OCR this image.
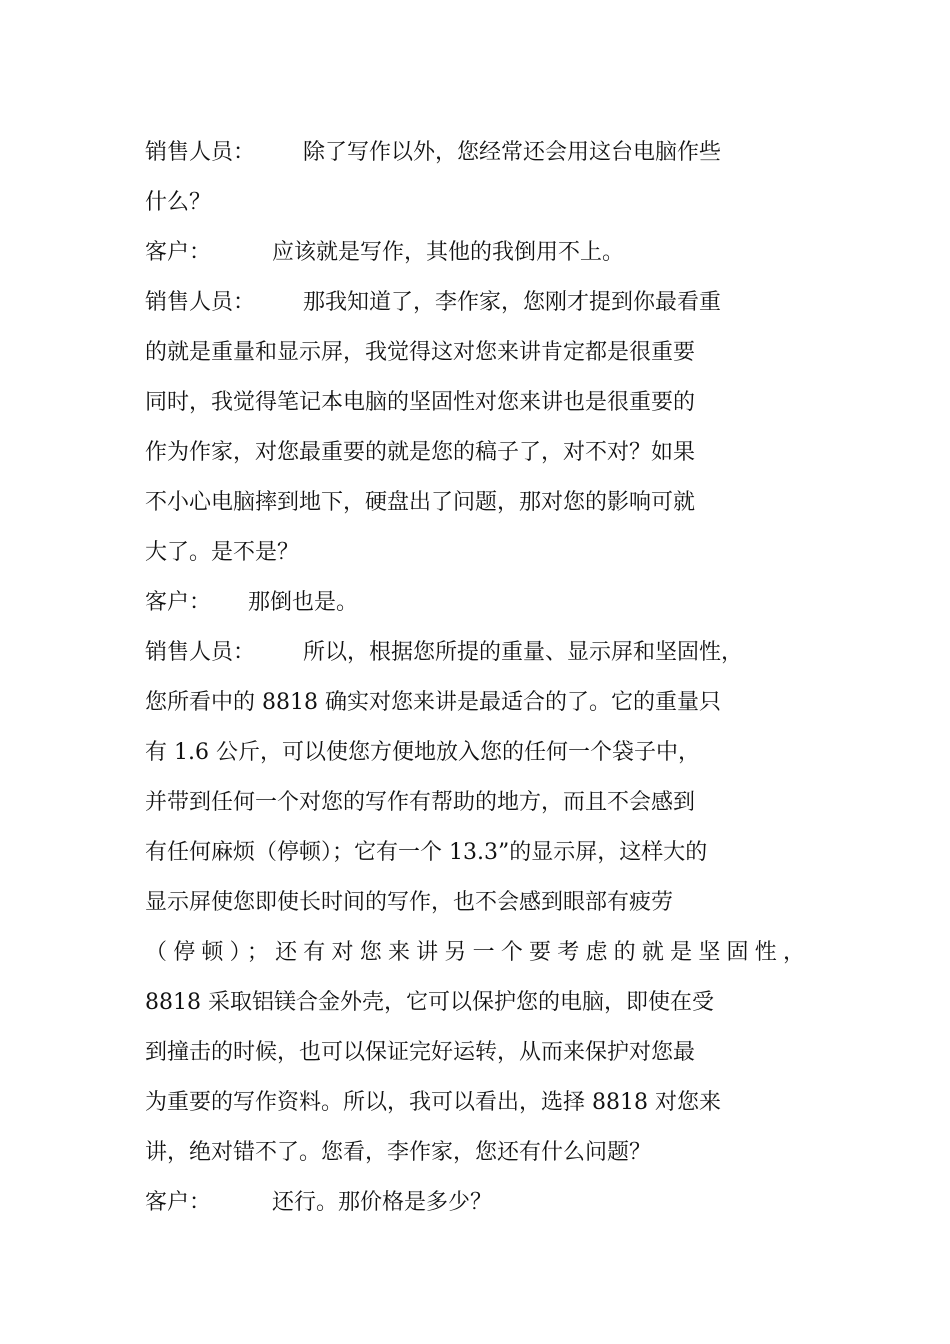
销售人员： 除了写作以外，您经常还会用这台电脑作些
什么？
客户：	应该就是写作，其他的我倒用不上。
销售人员： 那我知道了，李作家，您刚才提到你最看重
的就是重量和显示屏，我觉得这对您来讲肯定都是很重要
同时，我觉得笔记本电脑的坚固性对您来讲也是很重要的
作为作家，对您最重要的就是您的稿子了，对不对？如果
不小心电脑摔到地下，硬盘出了问题，那对您的影响可就
大了。是不是？
客户： 那倒也是。
销售人员： 所以，根据您所提的重量、显示屏和坚固性，
您所看中的 8818 确实对您来讲是最适合的了。它的重量只
有 1.6 公斤，可以使您方便地放入您的任何一个袋子中，
并带到任何一个对您的写作有帮助的地方，而且不会感到
有任何麻烦（停顿）；它有一个 13.3”的显示屏，这样大的
显示屏使您即使长时间的写作，也不会感到眼部有疲劳
（停顿）；还有对您来讲另一个要考虑的就是坚固性，
8818 采取铝镁合金外壳，它可以保护您的电脑，即使在受
到撞击的时候，也可以保证完好运转，从而来保护对您最
为重要的写作资料。所以，我可以看出，选择 8818 对您来
讲，绝对错不了。您看，李作家，您还有什么问题？
客户：	还行。那价格是多少？
